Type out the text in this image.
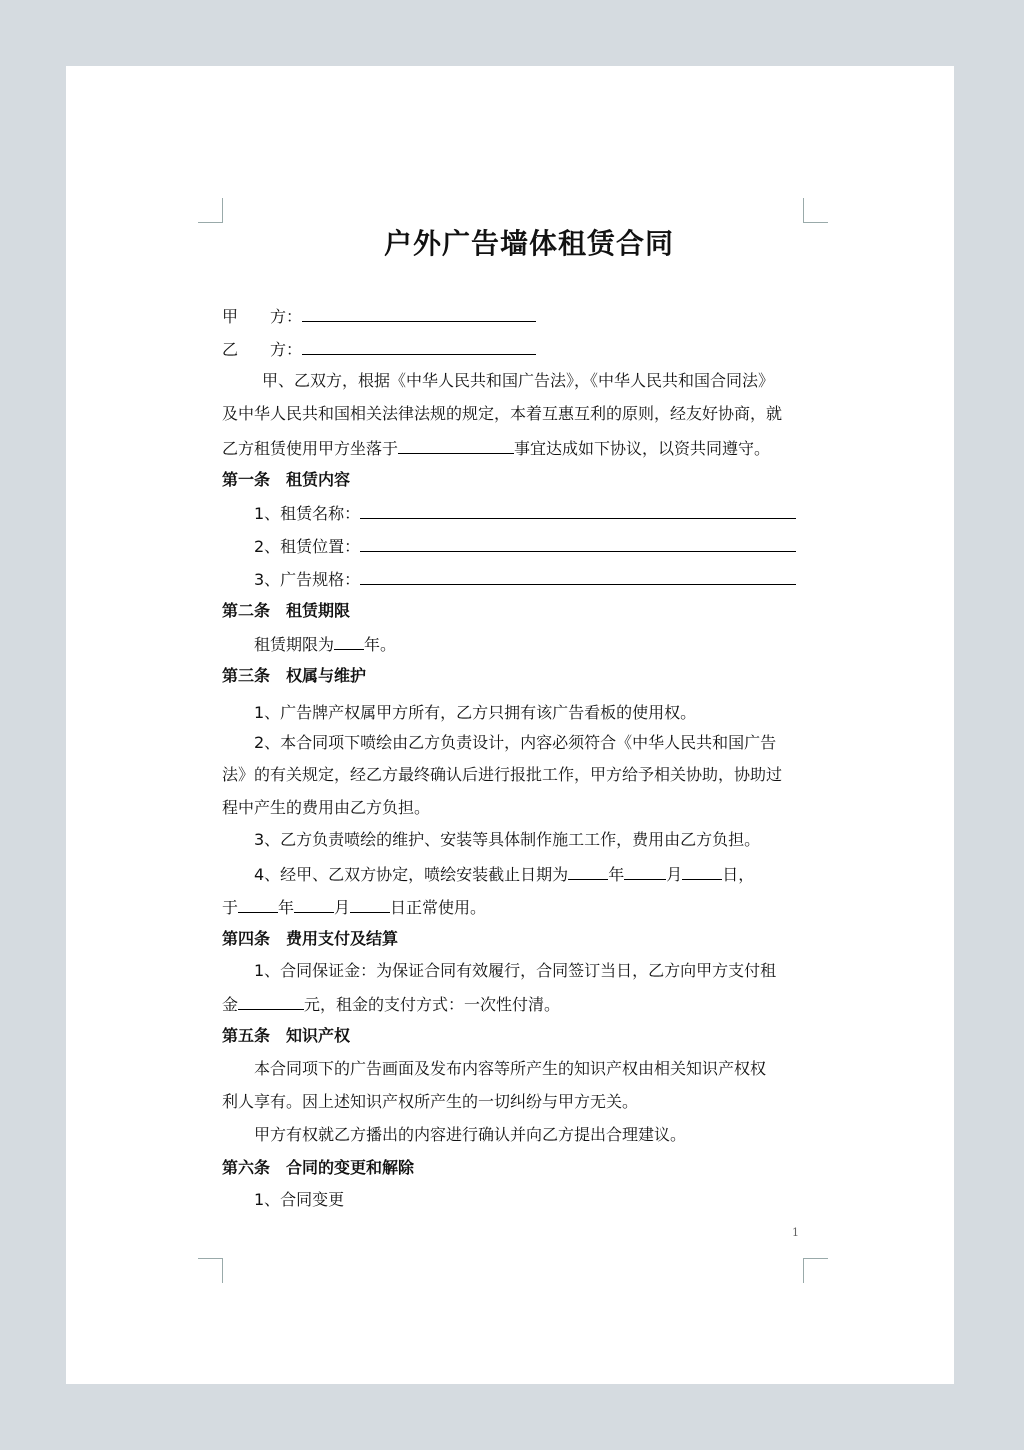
户外广告墙体租赁合同
甲　　方：
乙　　方：
甲、乙双方，根据《中华人民共和国广告法》，《中华人民共和国合同法》
及中华人民共和国相关法律法规的规定，本着互惠互利的原则，经友好协商，就
乙方租赁使用甲方坐落于	事宜达成如下协议，以资共同遵守。
第一条　租赁内容
1、租赁名称：
2、租赁位置：
3、广告规格：
第二条　租赁期限
租赁期限为 年。
第三条　权属与维护
1、广告牌产权属甲方所有，乙方只拥有该广告看板的使用权。
2、本合同项下喷绘由乙方负责设计，内容必须符合《中华人民共和国广告
法》的有关规定，经乙方最终确认后进行报批工作，甲方给予相关协助，协助过
程中产生的费用由乙方负担。
3、乙方负责喷绘的维护、安装等具体制作施工工作，费用由乙方负担。
4、经甲、乙双方协定，喷绘安装截止日期为	年	月	日，
于	年	月	日正常使用。
第四条　费用支付及结算
1、合同保证金：为保证合同有效履行，合同签订当日，乙方向甲方支付租
金	元，租金的支付方式：一次性付清。
第五条　知识产权
本合同项下的广告画面及发布内容等所产生的知识产权由相关知识产权权
利人享有。因上述知识产权所产生的一切纠纷与甲方无关。
甲方有权就乙方播出的内容进行确认并向乙方提出合理建议。
第六条　合同的变更和解除
1、合同变更
1
